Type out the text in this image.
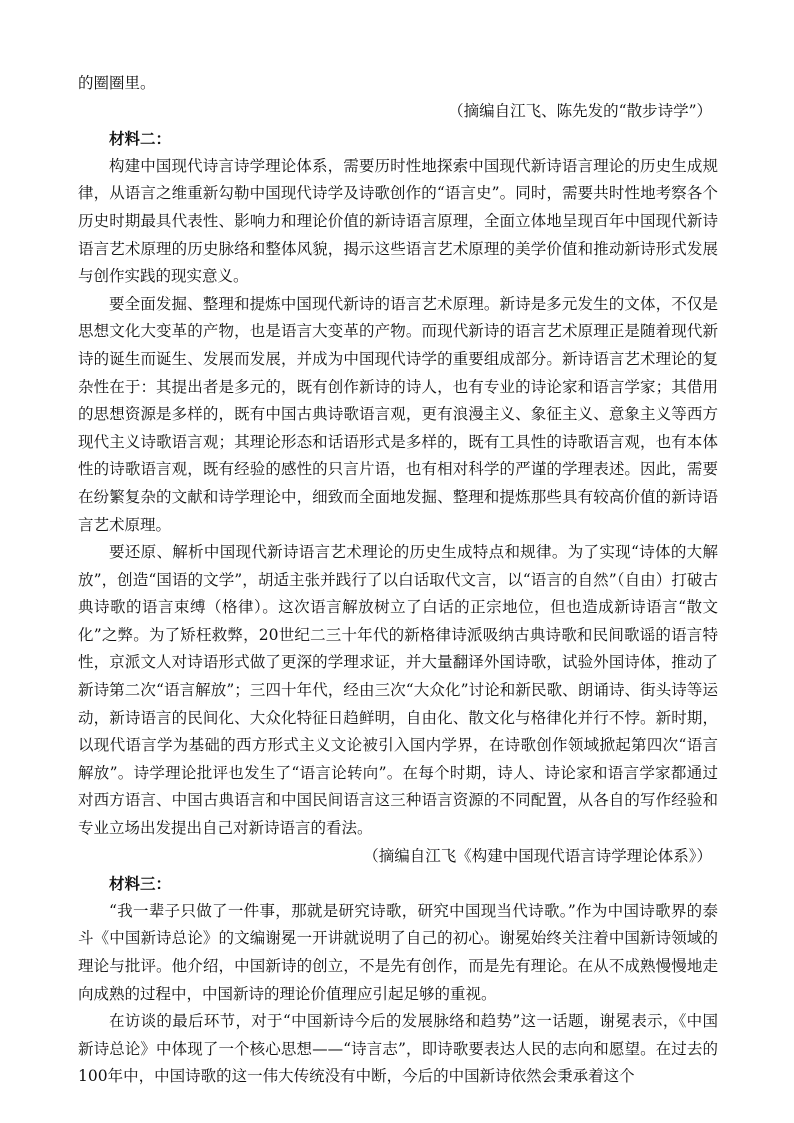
的圈圈里。

（摘编自江飞、陈先发的“散步诗学”）

材料二：

构建中国现代诗言诗学理论体系，需要历时性地探索中国现代新诗语言理论的历史生成规律，从语言之维重新勾勒中国现代诗学及诗歌创作的“语言史”。同时，需要共时性地考察各个历史时期最具代表性、影响力和理论价值的新诗语言原理，全面立体地呈现百年中国现代新诗语言艺术原理的历史脉络和整体风貌，揭示这些语言艺术原理的美学价值和推动新诗形式发展与创作实践的现实意义。

要全面发掘、整理和提炼中国现代新诗的语言艺术原理。新诗是多元发生的文体，不仅是思想文化大变革的产物，也是语言大变革的产物。而现代新诗的语言艺术原理正是随着现代新诗的诞生而诞生、发展而发展，并成为中国现代诗学的重要组成部分。新诗语言艺术理论的复杂性在于：其提出者是多元的，既有创作新诗的诗人，也有专业的诗论家和语言学家；其借用的思想资源是多样的，既有中国古典诗歌语言观，更有浪漫主义、象征主义、意象主义等西方现代主义诗歌语言观；其理论形态和话语形式是多样的，既有工具性的诗歌语言观，也有本体性的诗歌语言观，既有经验的感性的只言片语，也有相对科学的严谨的学理表述。因此，需要在纷繁复杂的文献和诗学理论中，细致而全面地发掘、整理和提炼那些具有较高价值的新诗语言艺术原理。

要还原、解析中国现代新诗语言艺术理论的历史生成特点和规律。为了实现“诗体的大解放”，创造“国语的文学”，胡适主张并践行了以白话取代文言，以“语言的自然”（自由）打破古典诗歌的语言束缚（格律）。这次语言解放树立了白话的正宗地位，但也造成新诗语言“散文化”之弊。为了矫枉救弊，20世纪二三十年代的新格律诗派吸纳古典诗歌和民间歌谣的语言特性，京派文人对诗语形式做了更深的学理求证，并大量翻译外国诗歌，试验外国诗体，推动了新诗第二次“语言解放”；三四十年代，经由三次“大众化”讨论和新民歌、朗诵诗、街头诗等运动，新诗语言的民间化、大众化特征日趋鲜明，自由化、散文化与格律化并行不悖。新时期，以现代语言学为基础的西方形式主义文论被引入国内学界，在诗歌创作领域掀起第四次“语言解放”。诗学理论批评也发生了“语言论转向”。在每个时期，诗人、诗论家和语言学家都通过对西方语言、中国古典语言和中国民间语言这三种语言资源的不同配置，从各自的写作经验和专业立场出发提出自己对新诗语言的看法。

（摘编自江飞《构建中国现代语言诗学理论体系》）

材料三：

“我一辈子只做了一件事，那就是研究诗歌，研究中国现当代诗歌。”作为中国诗歌界的泰斗《中国新诗总论》的文编谢冕一开讲就说明了自己的初心。谢冕始终关注着中国新诗领域的理论与批评。他介绍，中国新诗的创立，不是先有创作，而是先有理论。在从不成熟慢慢地走向成熟的过程中，中国新诗的理论价值理应引起足够的重视。

在访谈的最后环节，对于“中国新诗今后的发展脉络和趋势”这一话题，谢冕表示，《中国新诗总论》中体现了一个核心思想——“诗言志”，即诗歌要表达人民的志向和愿望。在过去的100年中，中国诗歌的这一伟大传统没有中断，今后的中国新诗依然会秉承着这个
